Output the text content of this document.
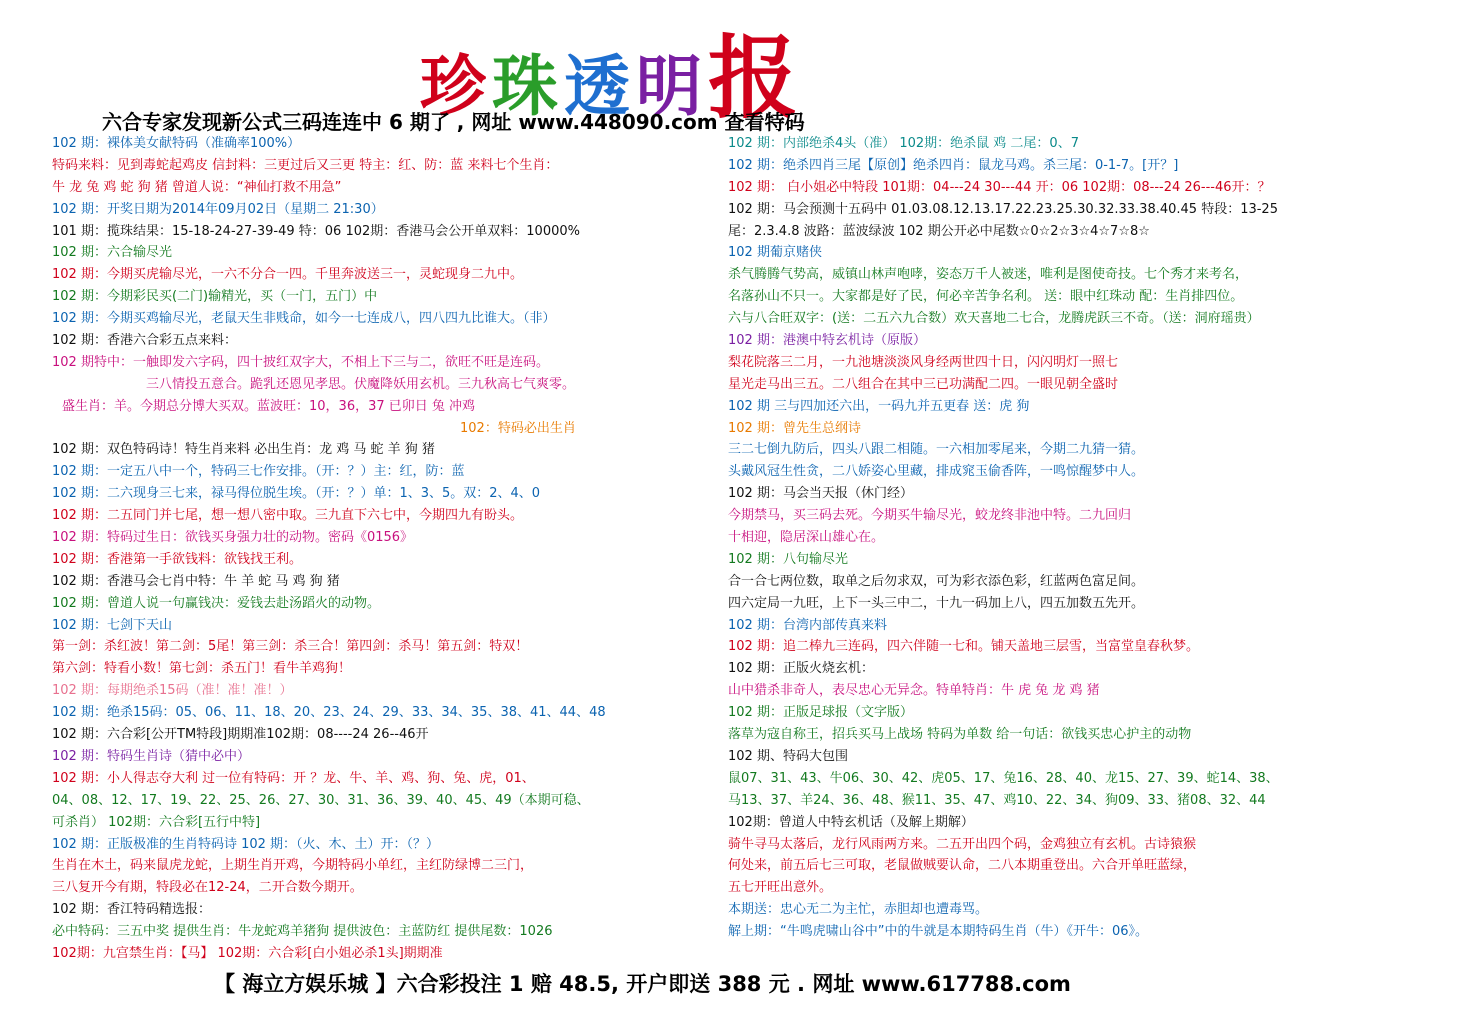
珍珠透明报
六合专家发现新公式三码连连中 6 期了 , 网址 www.448090.com 查看特码
102 期：裸体美女献特码（准确率100%）
特码来料：见到毒蛇起鸡皮 信封料：三更过后又三更 特主：红、防：蓝 来料七个生肖：
牛 龙 兔 鸡 蛇 狗 猪 曾道人说：“神仙打救不用急”
102 期：开奖日期为2014年09月02日（星期二 21:30）
101 期：揽珠结果：15-18-24-27-39-49 特：06 102期：香港马会公开单双料：10000%
102 期：六合输尽光
102 期：今期买虎输尽光，一六不分合一四。千里奔波送三一，灵蛇现身二九中。
102 期：今期彩民买(二门)输精光，买（一门，五门）中
102 期：今期买鸡输尽光，老鼠天生非贱命，如今一七连成八，四八四九比谁大。（非）
102 期：香港六合彩五点来料：
102 期特中：一触即发六字码，四十披红双字大，不相上下三与二，欲旺不旺是连码。
三八情投五意合。跪乳还恩见孝思。伏魔降妖用玄机。三九秋高七气爽零。
盛生肖：羊。今期总分博大买双。蓝波旺：10，36，37 已卯日 兔 冲鸡
102：特码必出生肖
102 期：双色特码诗！特生肖来料 必出生肖：龙 鸡 马 蛇 羊 狗 猪
102 期：一定五八中一个，特码三七作安排。（开：？）主：红，防：蓝
102 期：二六现身三七来，禄马得位脱生埃。（开：？）单：1、3、5。双：2、4、0
102 期：二五同门并七尾，想一想八密中取。三九直下六七中，今期四九有盼头。
102 期：特码过生日：欲钱买身强力壮的动物。密码《0156》
102 期：香港第一手欲钱料：欲钱找王利。
102 期：香港马会七肖中特：牛 羊 蛇 马 鸡 狗 猪
102 期：曾道人说一句赢钱决：爱钱去赴汤蹈火的动物。
102 期：七剑下天山
第一剑：杀红波！第二剑：5尾！第三剑：杀三合！第四剑：杀马！第五剑：特双！
第六剑：特看小数！第七剑：杀五门！看牛羊鸡狗！
102 期：每期绝杀15码（准！准！准！）
102 期：绝杀15码：05、06、11、18、20、23、24、29、33、34、35、38、41、44、48
102 期：六合彩[公开TM特段]期期准102期：08----24 26--46开
102 期：特码生肖诗（猜中必中）
102 期：小人得志夺大利 过一位有特码：开 ？龙、牛、羊、鸡、狗、兔、虎，01、
04、08、12、17、19、22、25、26、27、30、31、36、39、40、45、49（本期可稳、
可杀肖） 102期：六合彩[五行中特]
102 期：正版极准的生肖特码诗 102 期：（火、木、土）开：（？）
生肖在木土，码来鼠虎龙蛇，上期生肖开鸡，今期特码小单红，主红防绿博二三门，
三八复开今有期，特段必在12-24，二开合数今期开。
102 期：香江特码精选报：
必中特码：三五中奖 提供生肖：牛龙蛇鸡羊猪狗 提供波色：主蓝防红 提供尾数：1026
102期：九宫禁生肖：【马】 102期：六合彩[白小姐必杀1头]期期准
102 期：内部绝杀4头（准） 102期：绝杀鼠 鸡 二尾：0、7
102 期：绝杀四肖三尾【原创】绝杀四肖：鼠龙马鸡。杀三尾：0-1-7。[开？]
102 期： 白小姐必中特段 101期：04---24 30---44 开：06 102期：08---24 26---46开：？
102 期：马会预测十五码中 01.03.08.12.13.17.22.23.25.30.32.33.38.40.45 特段：13-25
尾：2.3.4.8 波路：蓝波绿波 102 期公开必中尾数☆0☆2☆3☆4☆7☆8☆
102 期葡京赌侠
杀气腾腾气势高，威镇山林声咆哮，姿态万千人被迷，唯利是图使奇技。七个秀才来考名，
名落孙山不只一。大家都是好了民，何必辛苦争名利。 送：眼中红珠动 配：生肖排四位。
六与八合旺双字：(送：二五六九合数）欢天喜地二七合，龙腾虎跃三不奇。（送：洞府瑶贵）
102 期：港澳中特玄机诗（原版）
梨花院落三二月，一九池塘淡淡风身经两世四十日，闪闪明灯一照七
星光走马出三五。二八组合在其中三已功满配二四。一眼见朝全盛时
102 期 三与四加还六出，一码九并五更春 送：虎 狗
102 期：曾先生总纲诗
三二七倒九防后，四头八跟二相随。一六相加零尾来，今期二九猜一猜。
头戴风冠生性贪，二八娇姿心里藏，排成窕玉偷香阵，一鸣惊醒梦中人。
102 期：马会当天报（休门经）
今期禁马，买三码去死。今期买牛输尽光，蛟龙终非池中特。二九回归
十相迎，隐居深山雄心在。
102 期：八句输尽光
合一合七两位数，取单之后勿求双，可为彩衣添色彩，红蓝两色富足间。
四六定局一九旺，上下一头三中二，十九一码加上八，四五加数五先开。
102 期：台湾内部传真来料
102 期：追二棒九三连码，四六伴随一七和。铺天盖地三层雪，当富堂皇春秋梦。
102 期：正版火烧玄机：
山中猎杀非奇人，表尽忠心无异念。特单特肖：牛 虎 兔 龙 鸡 猪
102 期：正版足球报（文字版）
落草为寇自称王，招兵买马上战场 特码为单数 给一句话：欲钱买忠心护主的动物
102 期、特码大包围
鼠07、31、43、牛06、30、42、虎05、17、兔16、28、40、龙15、27、39、蛇14、38、
马13、37、羊24、36、48、猴11、35、47、鸡10、22、34、狗09、33、猪08、32、44
102期：曾道人中特玄机话（及解上期解）
骑牛寻马太落后，龙行风雨两方来。二五开出四个码，金鸡独立有玄机。古诗猿猴
何处来，前五后七三可取，老鼠做贼要认命，二八本期重登出。六合开单旺蓝绿，
五七开旺出意外。
本期送：忠心无二为主忙，赤胆却也遭毒骂。
解上期：“牛鸣虎啸山谷中”中的牛就是本期特码生肖（牛）《开牛：06》。
【 海立方娱乐城 】六合彩投注 1 赔 48.5, 开户即送 388 元 . 网址 www.617788.com
